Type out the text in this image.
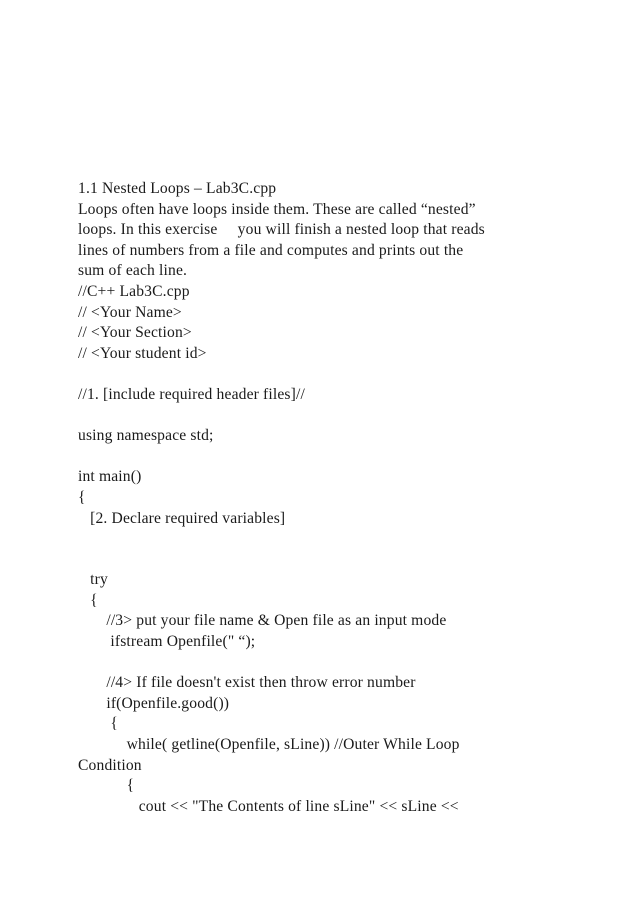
1.1 Nested Loops – Lab3C.cpp
Loops often have loops inside them. These are called “nested”
loops. In this exercise     you will finish a nested loop that reads
lines of numbers from a file and computes and prints out the
sum of each line.
//C++ Lab3C.cpp
// <Your Name>
// <Your Section>
// <Your student id>
//1. [include required header files]//
using namespace std;
int main()
{
[2. Declare required variables]
try
{
//3> put your file name & Open file as an input mode
ifstream Openfile(" “);
//4> If file doesn't exist then throw error number
if(Openfile.good())
{
while( getline(Openfile, sLine)) //Outer While Loop
Condition
{
cout << "The Contents of line sLine" << sLine <<
